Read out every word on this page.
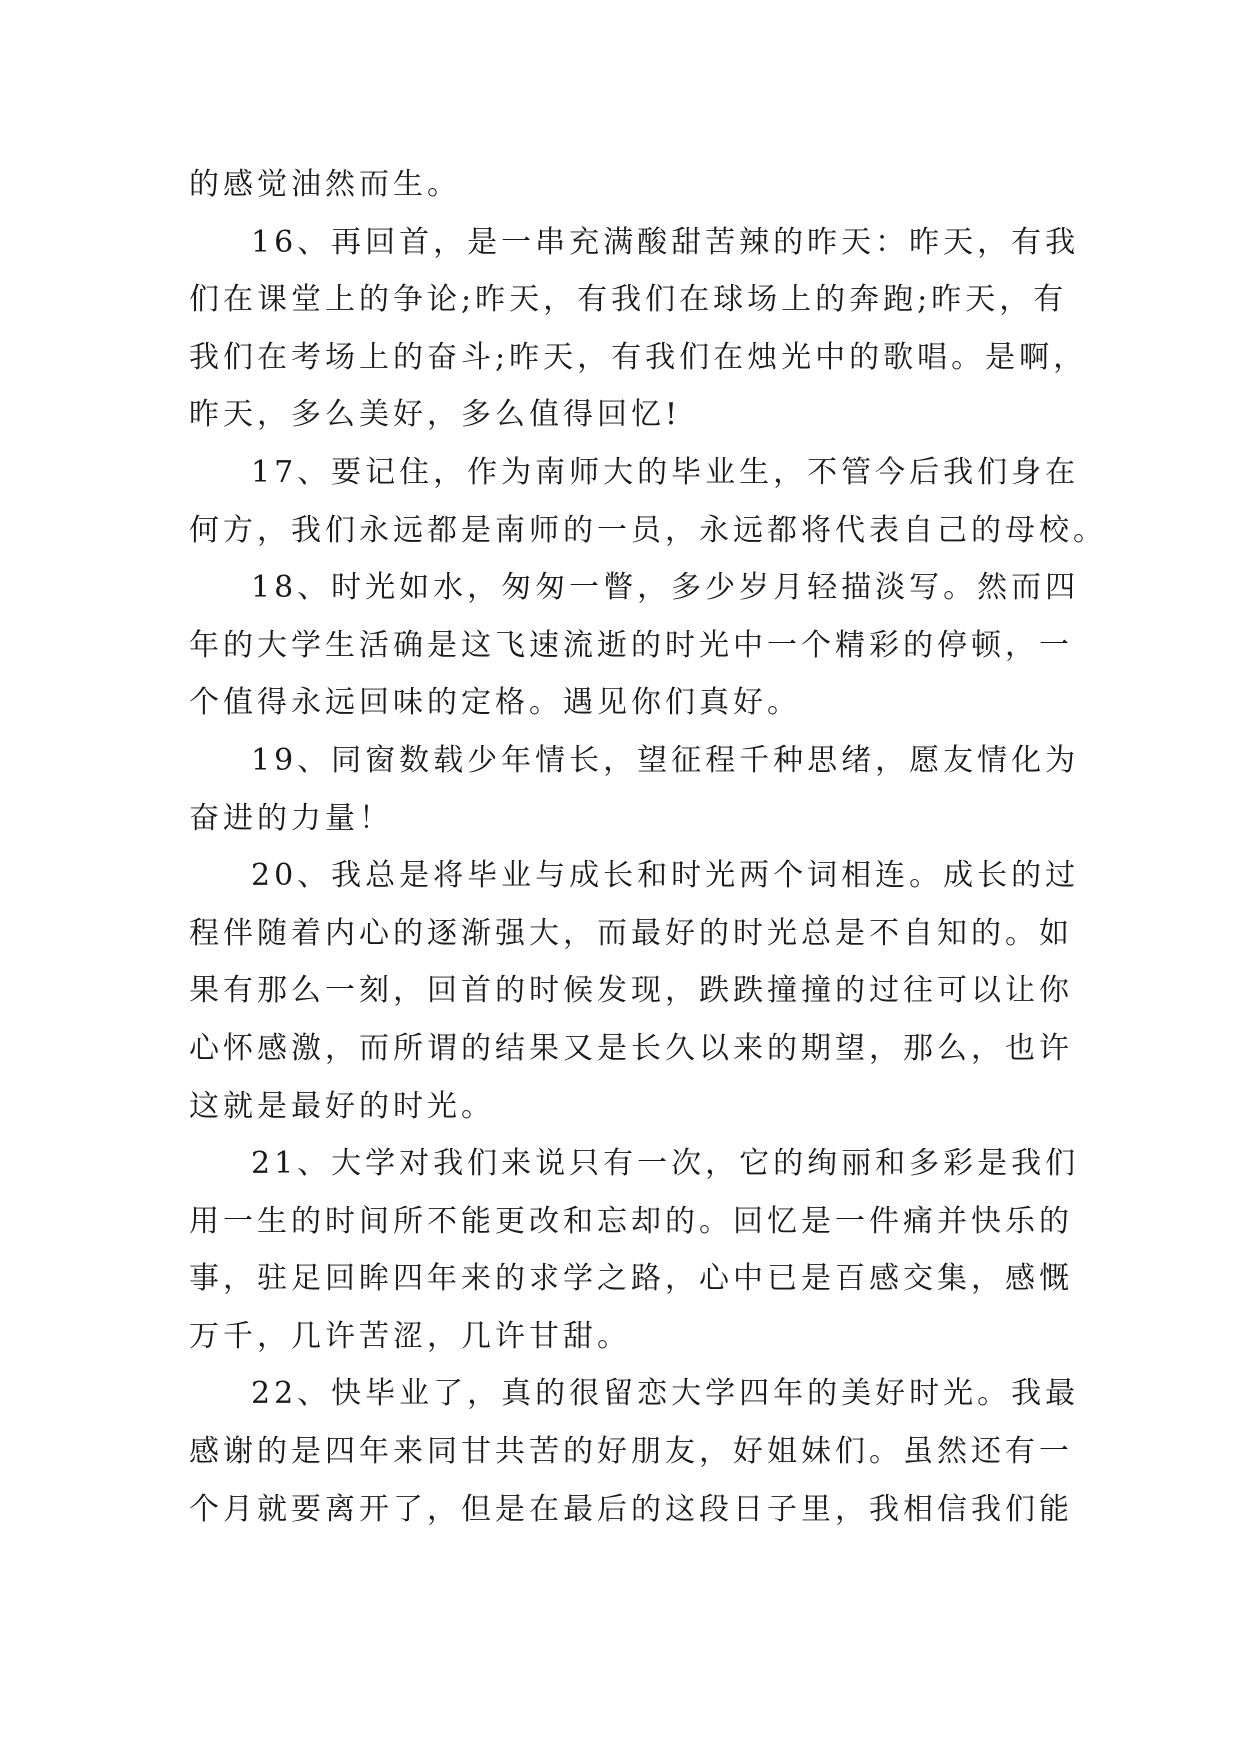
的感觉油然而生。
16、再回首，是一串充满酸甜苦辣的昨天：昨天，有我
们在课堂上的争论;昨天，有我们在球场上的奔跑;昨天，有
我们在考场上的奋斗;昨天，有我们在烛光中的歌唱。是啊，
昨天，多么美好，多么值得回忆!
17、要记住，作为南师大的毕业生，不管今后我们身在
何方，我们永远都是南师的一员，永远都将代表自己的母校。
18、时光如水，匆匆一瞥，多少岁月轻描淡写。然而四
年的大学生活确是这飞速流逝的时光中一个精彩的停顿，一
个值得永远回味的定格。遇见你们真好。
19、同窗数载少年情长，望征程千种思绪，愿友情化为
奋进的力量！
20、我总是将毕业与成长和时光两个词相连。成长的过
程伴随着内心的逐渐强大，而最好的时光总是不自知的。如
果有那么一刻，回首的时候发现，跌跌撞撞的过往可以让你
心怀感激，而所谓的结果又是长久以来的期望，那么，也许
这就是最好的时光。
21、大学对我们来说只有一次，它的绚丽和多彩是我们
用一生的时间所不能更改和忘却的。回忆是一件痛并快乐的
事，驻足回眸四年来的求学之路，心中已是百感交集，感慨
万千，几许苦涩，几许甘甜。
22、快毕业了，真的很留恋大学四年的美好时光。我最
感谢的是四年来同甘共苦的好朋友，好姐妹们。虽然还有一
个月就要离开了，但是在最后的这段日子里，我相信我们能
